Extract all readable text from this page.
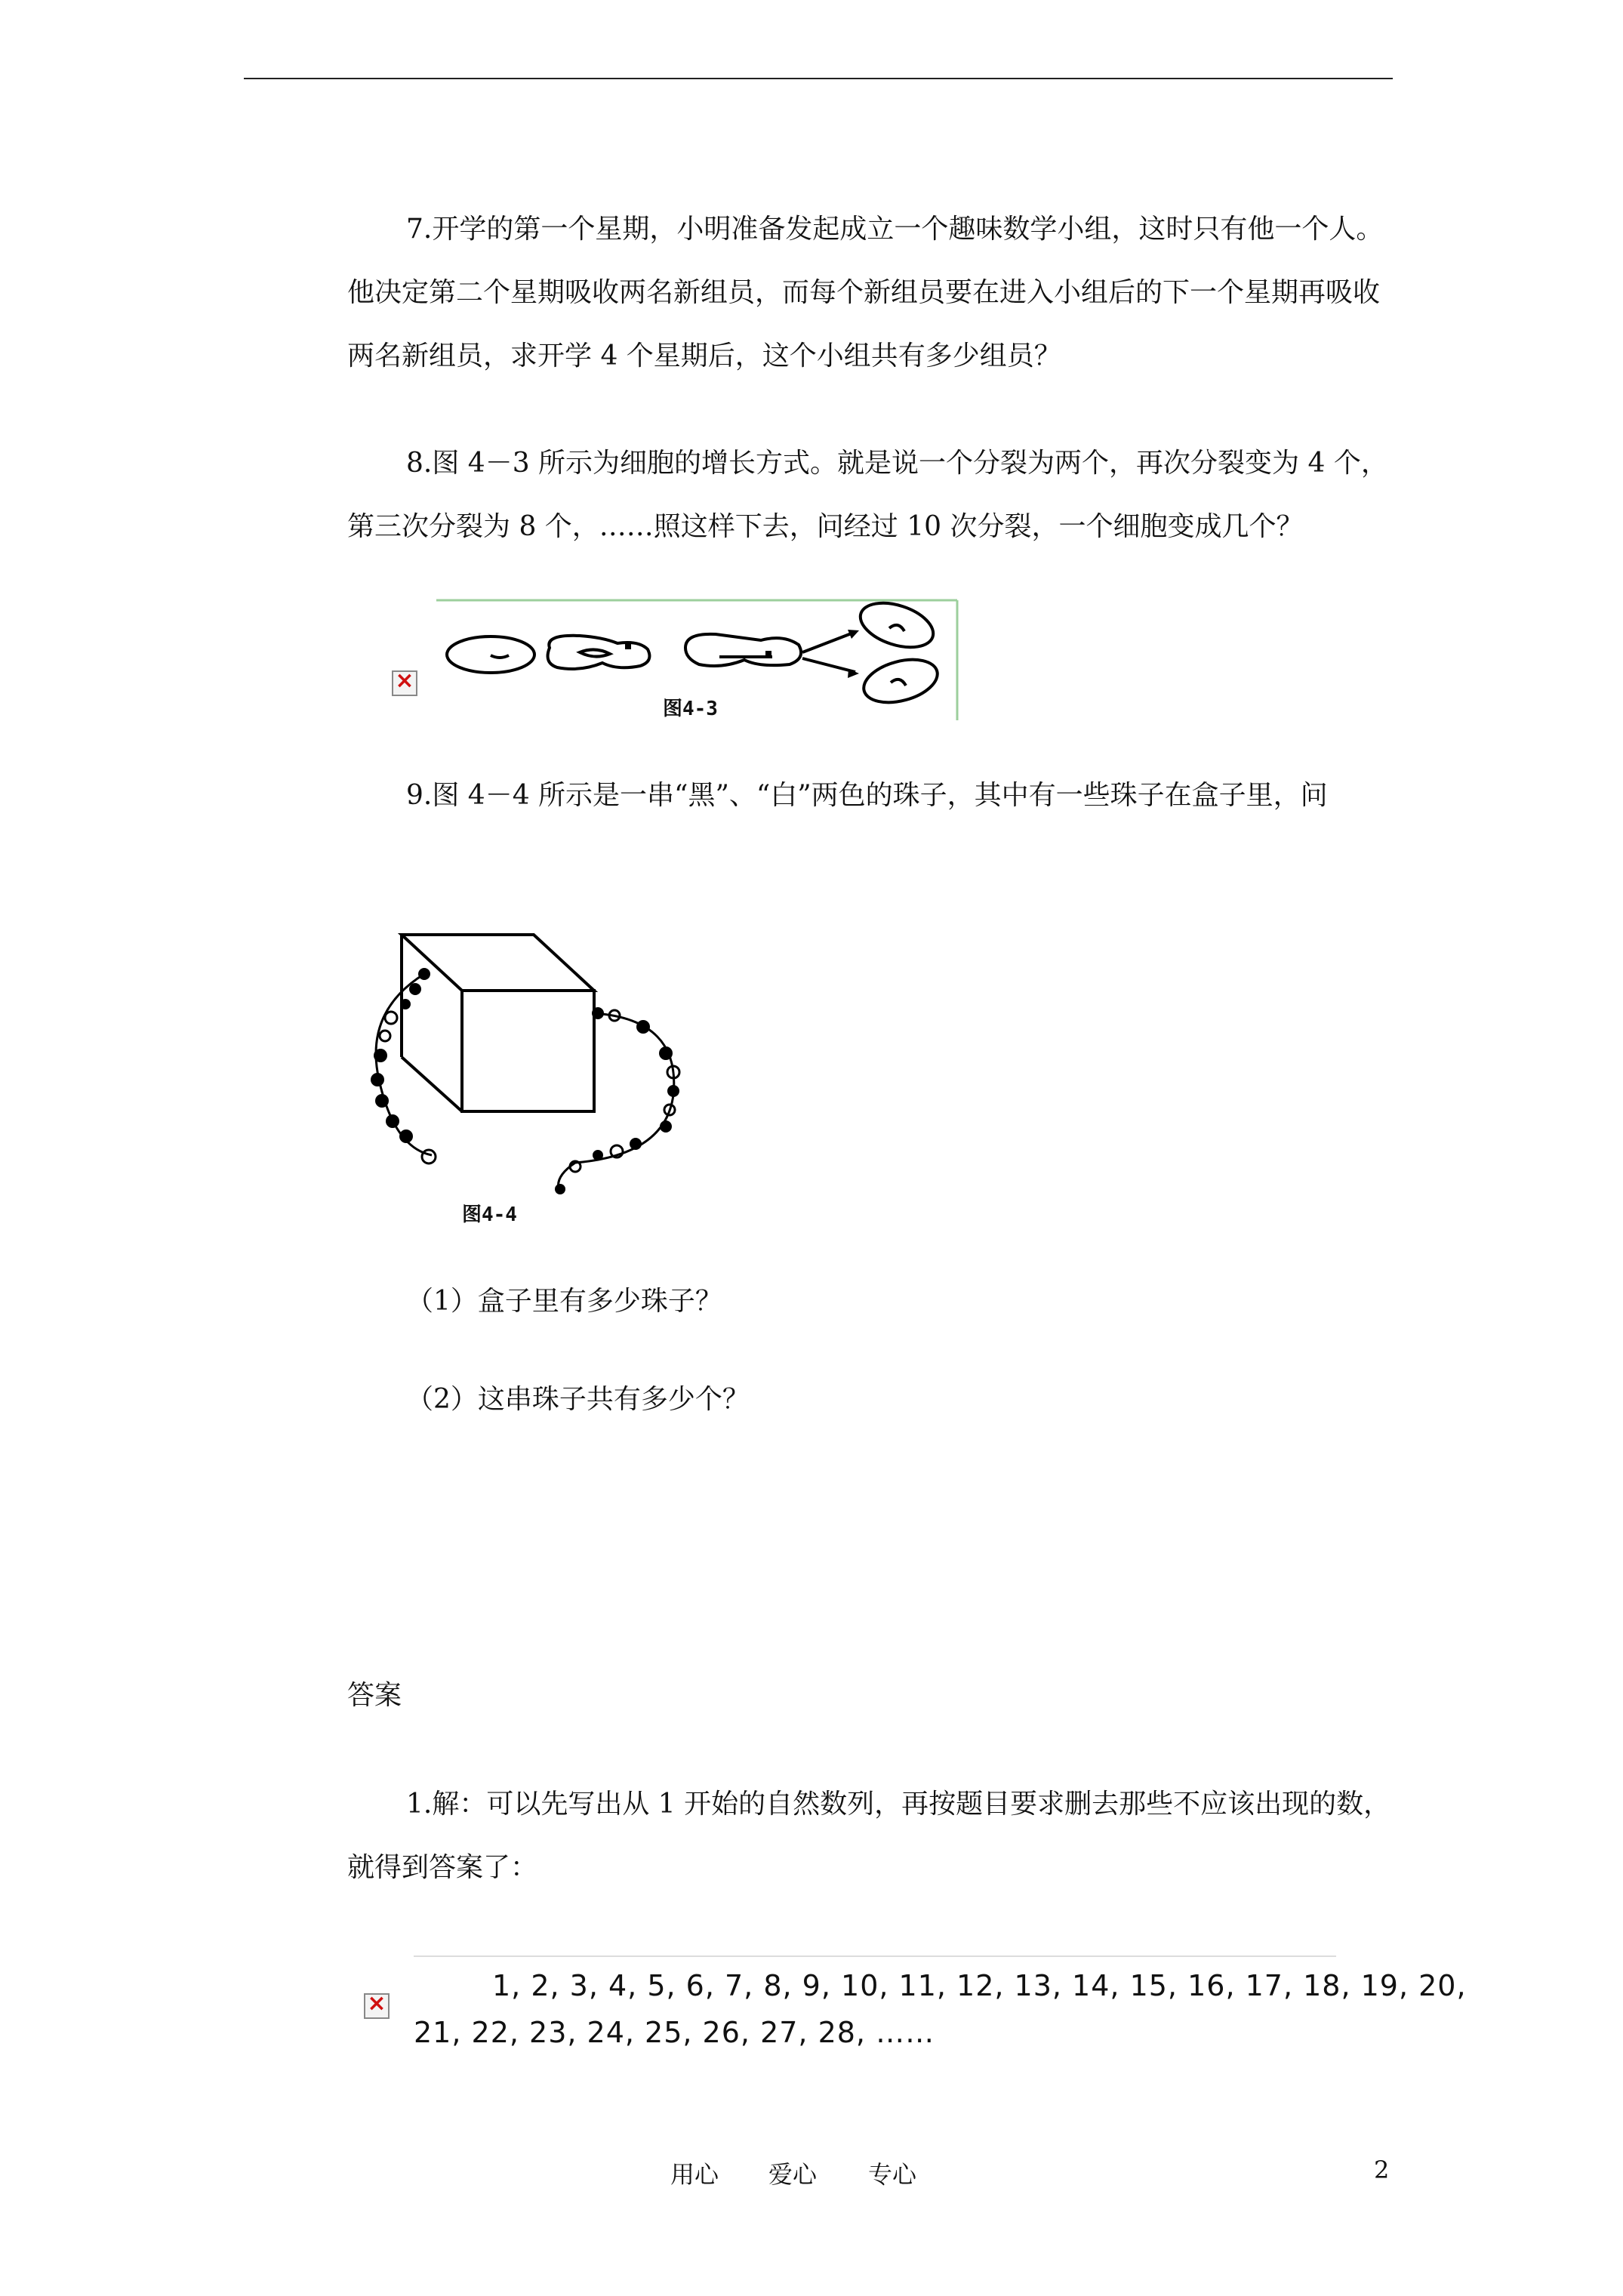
7.开学的第一个星期，小明准备发起成立一个趣味数学小组，这时只有他一个人。他决定第二个星期吸收两名新组员，而每个新组员要在进入小组后的下一个星期再吸收两名新组员，求开学 4 个星期后，这个小组共有多少组员？

8.图 4－3 所示为细胞的增长方式。就是说一个分裂为两个，再次分裂变为 4 个，第三次分裂为 8 个，……照这样下去，问经过 10 次分裂，一个细胞变成几个？

×
图4-3

9.图 4－4 所示是一串“黑”、“白”两色的珠子，其中有一些珠子在盒子里，问

图4-4
（1）盒子里有多少珠子？
（2）这串珠子共有多少个？
答案

1.解：可以先写出从 1 开始的自然数列，再按题目要求删去那些不应该出现的数，就得到答案了：

×
1, 2, 3, 4, 5, 6, 7, 8, 9, 10, 11, 12, 13, 14, 15, 16, 17, 18, 19, 20,
21, 22, 23, 24, 25, 26, 27, 28, ……
用心 爱心 专心	2
